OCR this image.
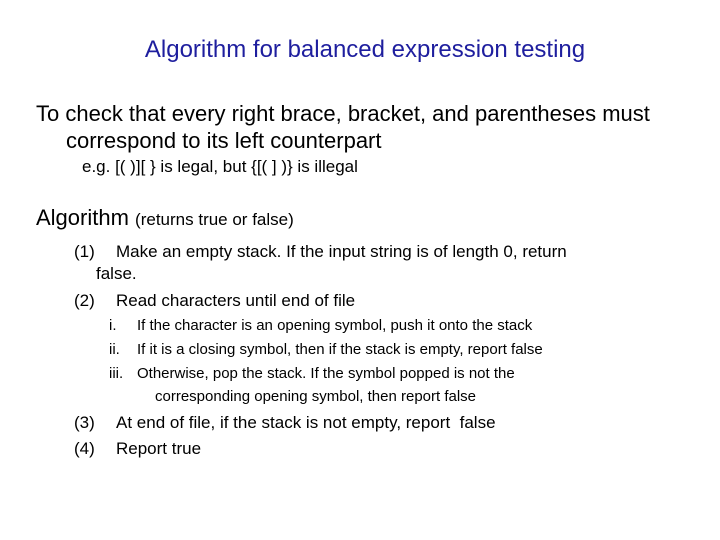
Algorithm for balanced expression testing
To check that every right brace, bracket, and parentheses must correspond to its left counterpart
e.g. [( )][ } is legal, but {[( ] )} is illegal
Algorithm (returns true or false)
(1) Make an empty stack. If the input string is of length 0, return
false.
(2) Read characters until end of file
i. If the character is an opening symbol, push it onto the stack
ii. If it is a closing symbol, then if the stack is empty, report false
iii. Otherwise, pop the stack. If the symbol popped is not the
corresponding opening symbol, then report false
(3) At end of file, if the stack is not empty, report  false
(4) Report true
